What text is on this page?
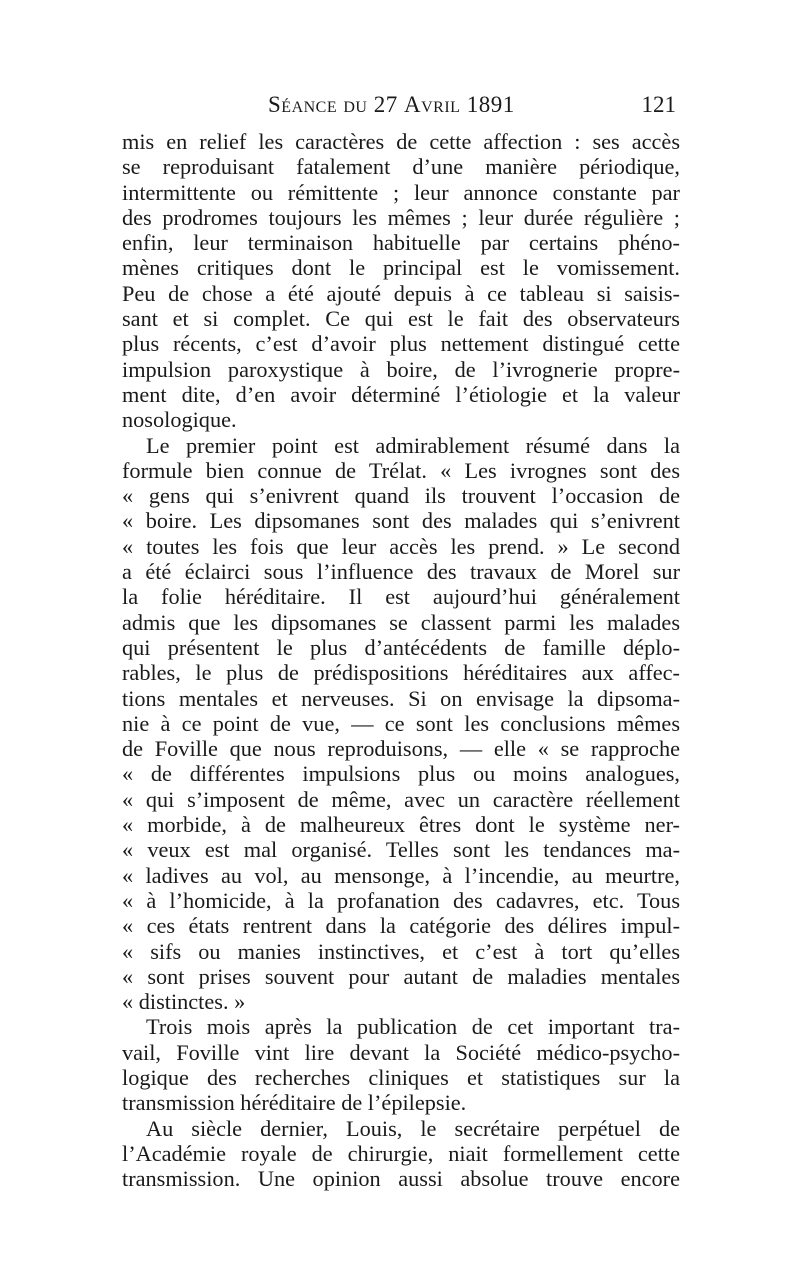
Séance du 27 Avril 1891	121
mis en relief les caractères de cette affection : ses accès
se reproduisant fatalement d’une manière périodique,
intermittente ou rémittente ; leur annonce constante par
des prodromes toujours les mêmes ; leur durée régulière ;
enfin, leur terminaison habituelle par certains phéno-
mènes critiques dont le principal est le vomissement.
Peu de chose a été ajouté depuis à ce tableau si saisis-
sant et si complet. Ce qui est le fait des observateurs
plus récents, c’est d’avoir plus nettement distingué cette
impulsion paroxystique à boire, de l’ivrognerie propre-
ment dite, d’en avoir déterminé l’étiologie et la valeur
nosologique.
Le premier point est admirablement résumé dans la
formule bien connue de Trélat. « Les ivrognes sont des
« gens qui s’enivrent quand ils trouvent l’occasion de
« boire. Les dipsomanes sont des malades qui s’enivrent
« toutes les fois que leur accès les prend. » Le second
a été éclairci sous l’influence des travaux de Morel sur
la folie héréditaire. Il est aujourd’hui généralement
admis que les dipsomanes se classent parmi les malades
qui présentent le plus d’antécédents de famille déplo-
rables, le plus de prédispositions héréditaires aux affec-
tions mentales et nerveuses. Si on envisage la dipsoma-
nie à ce point de vue, — ce sont les conclusions mêmes
de Foville que nous reproduisons, — elle « se rapproche
« de différentes impulsions plus ou moins analogues,
« qui s’imposent de même, avec un caractère réellement
« morbide, à de malheureux êtres dont le système ner-
« veux est mal organisé. Telles sont les tendances ma-
« ladives au vol, au mensonge, à l’incendie, au meurtre,
« à l’homicide, à la profanation des cadavres, etc. Tous
« ces états rentrent dans la catégorie des délires impul-
« sifs ou manies instinctives, et c’est à tort qu’elles
« sont prises souvent pour autant de maladies mentales
« distinctes. »
Trois mois après la publication de cet important tra-
vail, Foville vint lire devant la Société médico-psycho-
logique des recherches cliniques et statistiques sur la
transmission héréditaire de l’épilepsie.
Au siècle dernier, Louis, le secrétaire perpétuel de
l’Académie royale de chirurgie, niait formellement cette
transmission. Une opinion aussi absolue trouve encore
